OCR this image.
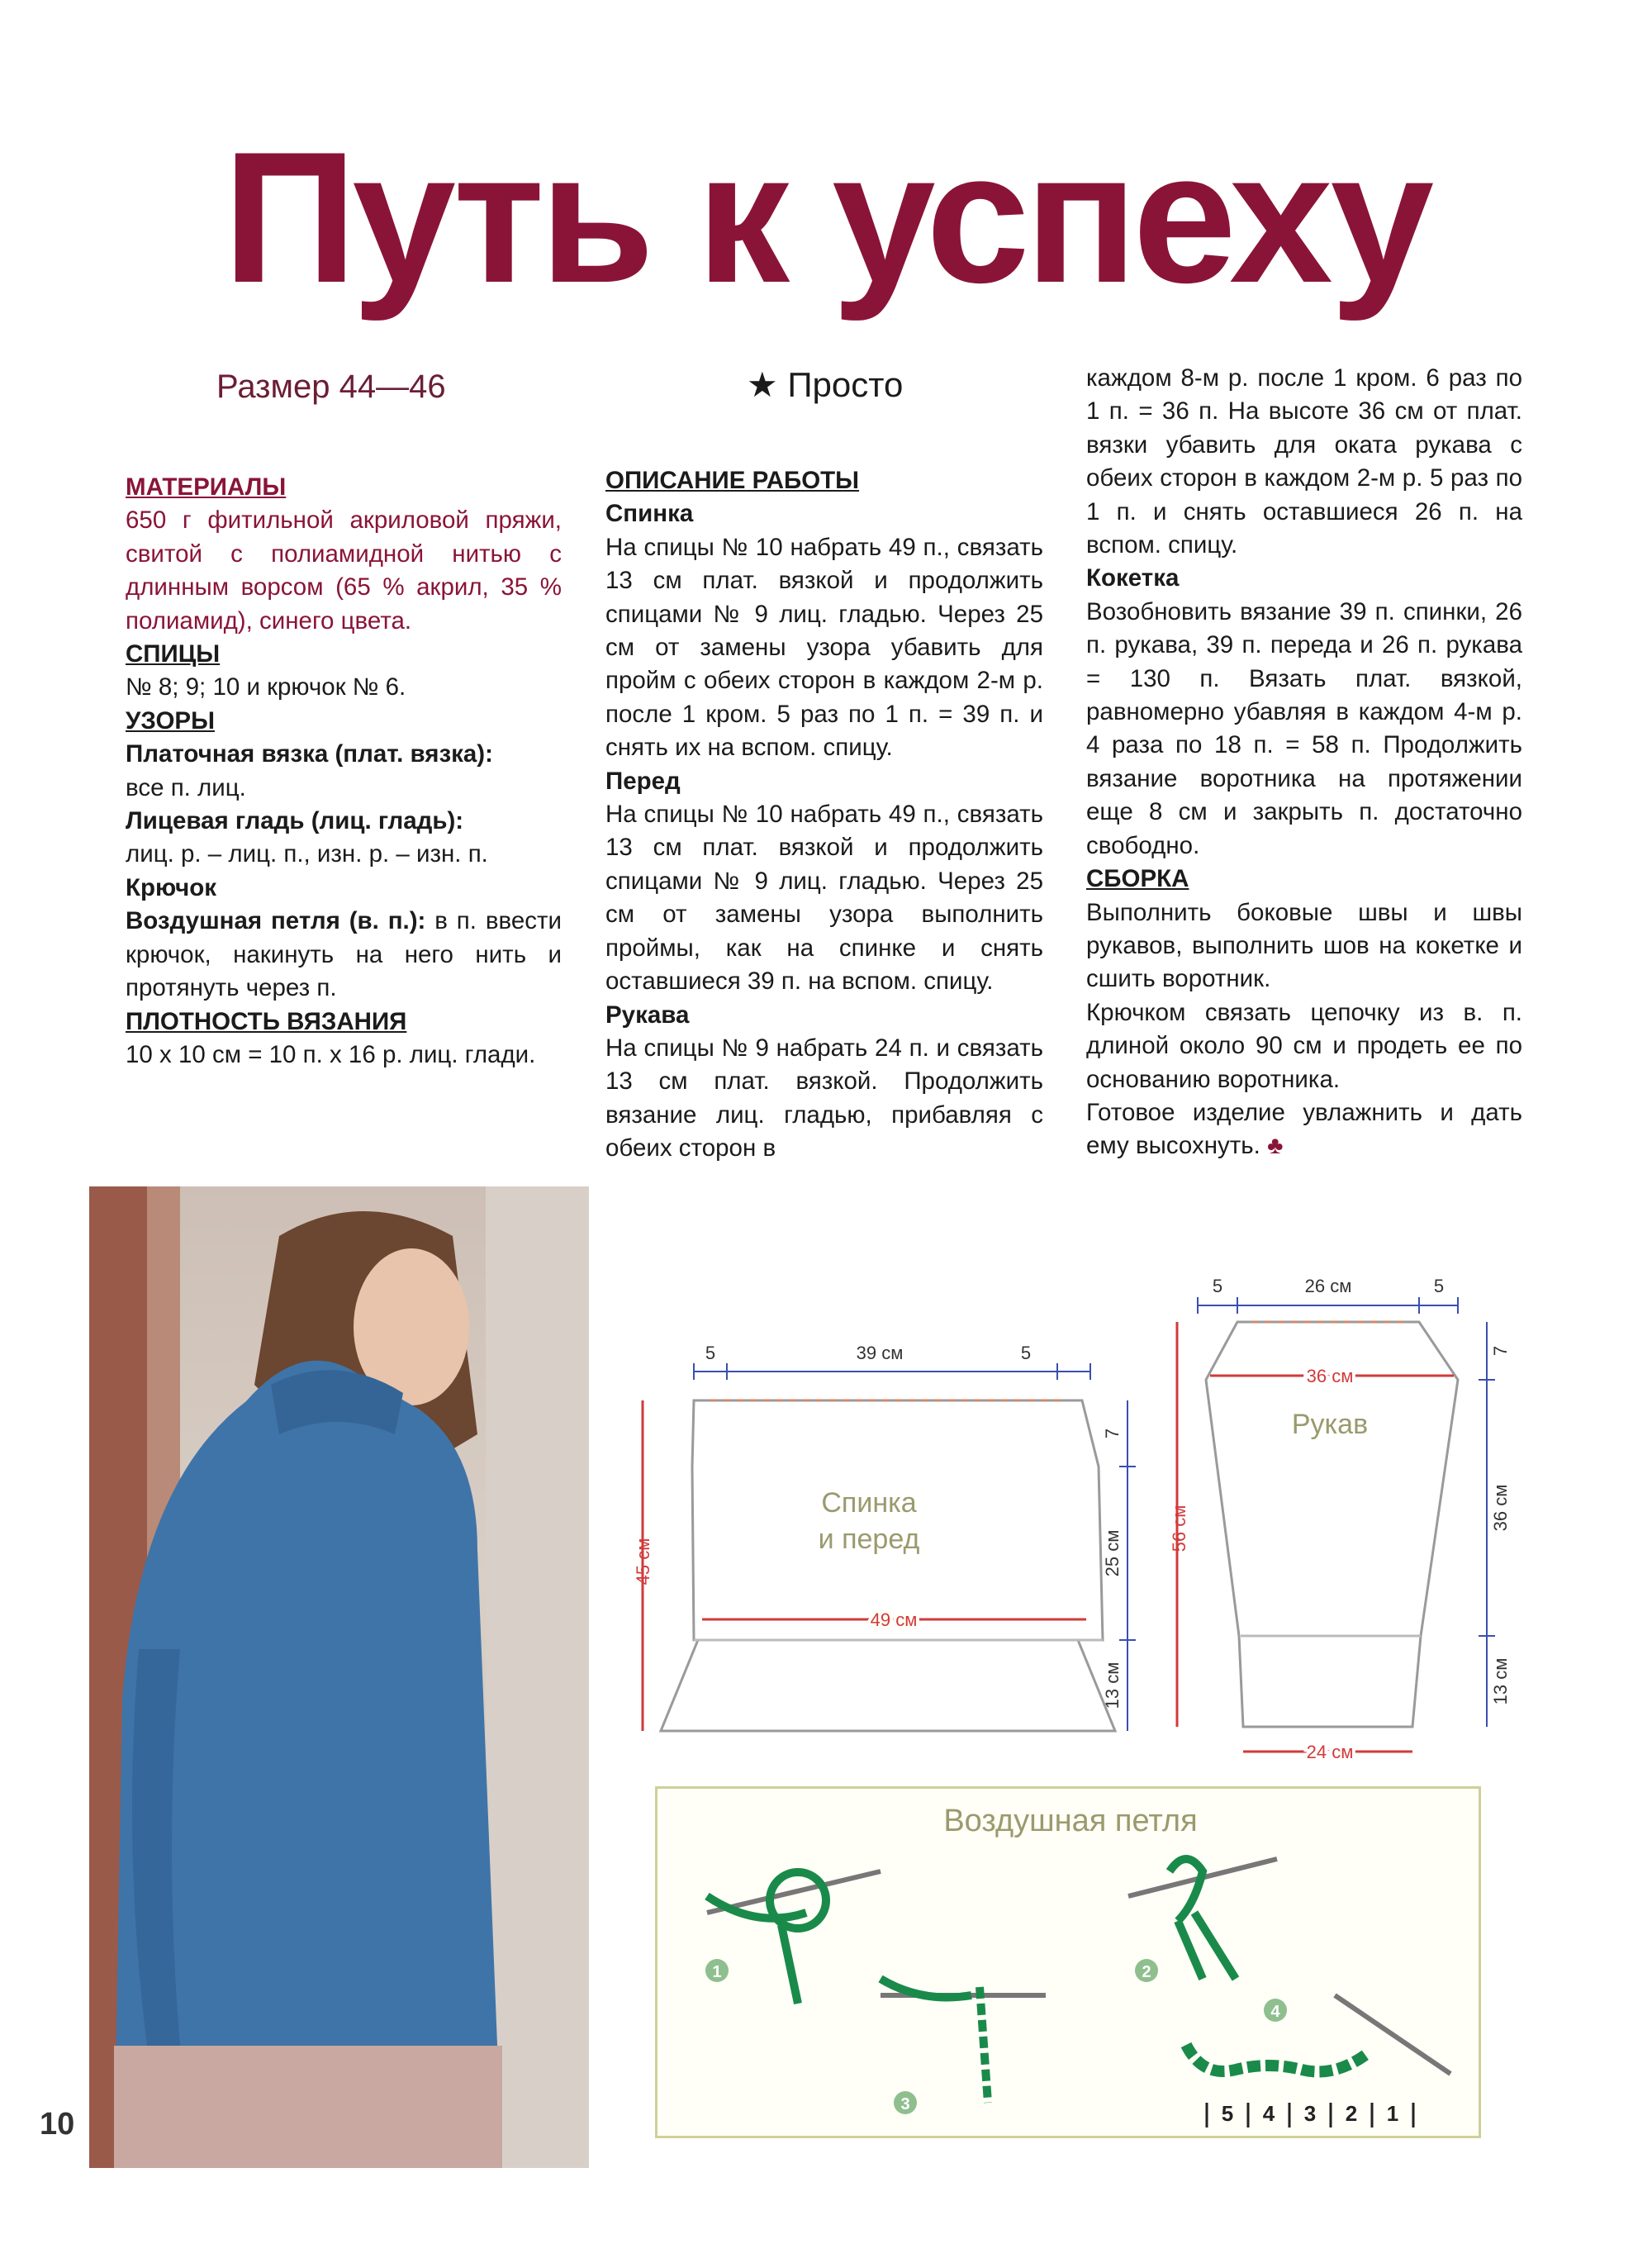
Путь к успеху
Размер 44—46	★ Просто

МАТЕРИАЛЫ

650 г фитильной акриловой пряжи, свитой с полиамидной нитью с длинным ворсом (65 % акрил, 35 % полиамид), синего цвета.

СПИЦЫ

№ 8; 9; 10 и крючок № 6.

УЗОРЫ

Платочная вязка (плат. вязка):

все п. лиц.

Лицевая гладь (лиц. гладь):

лиц. р. – лиц. п., изн. р. – изн. п.

Крючок

Воздушная петля (в. п.): в п. ввести крючок, накинуть на него нить и протянуть через п.

ПЛОТНОСТЬ ВЯЗАНИЯ

10 х 10 см = 10 п. х 16 р. лиц. глади.

ОПИСАНИЕ РАБОТЫ

Спинка

На спицы № 10 набрать 49 п., связать 13 см плат. вязкой и продолжить спицами № 9 лиц. гладью. Через 25 см от замены узора убавить для пройм с обеих сторон в каждом 2-м р. после 1 кром. 5 раз по 1 п. = 39 п. и снять их на вспом. спицу.

Перед

На спицы № 10 набрать 49 п., связать 13 см плат. вязкой и продолжить спицами № 9 лиц. гладью. Через 25 см от замены узора выполнить проймы, как на спинке и снять оставшиеся 39 п. на вспом. спицу.

Рукава

На спицы № 9 набрать 24 п. и связать 13 см плат. вязкой. Продолжить вязание лиц. гладью, прибавляя с обеих сторон в

каждом 8-м р. после 1 кром. 6 раз по 1 п. = 36 п. На высоте 36 см от плат. вязки убавить для оката рукава с обеих сторон в каждом 2-м р. 5 раз по 1 п. и снять оставшиеся 26 п. на вспом. спицу.

Кокетка

Возобновить вязание 39 п. спинки, 26 п. рукава, 39 п. переда и 26 п. рукава = 130 п. Вязать плат. вязкой, равномерно убавляя в каждом 4-м р. 4 раза по 18 п. = 58 п. Продолжить вязание воротника на протяжении еще 8 см и закрыть п. достаточно свободно.

СБОРКА

Выполнить боковые швы и швы рукавов, выполнить шов на кокетке и сшить воротник.

Крючком связать цепочку из в. п. длиной около 90 см и продеть ее по основанию воротника.

Готовое изделие увлажнить и дать ему высохнуть. ♣

10
5	39 см	5
49 см
45 см
7
25 см
13 см
Спинка
и перед
5	26 см	5
36 см
Рукав
24 см
56 см
7
36 см
13 см
Воздушная петля
1	2
3
4
5 4 3 2 1
